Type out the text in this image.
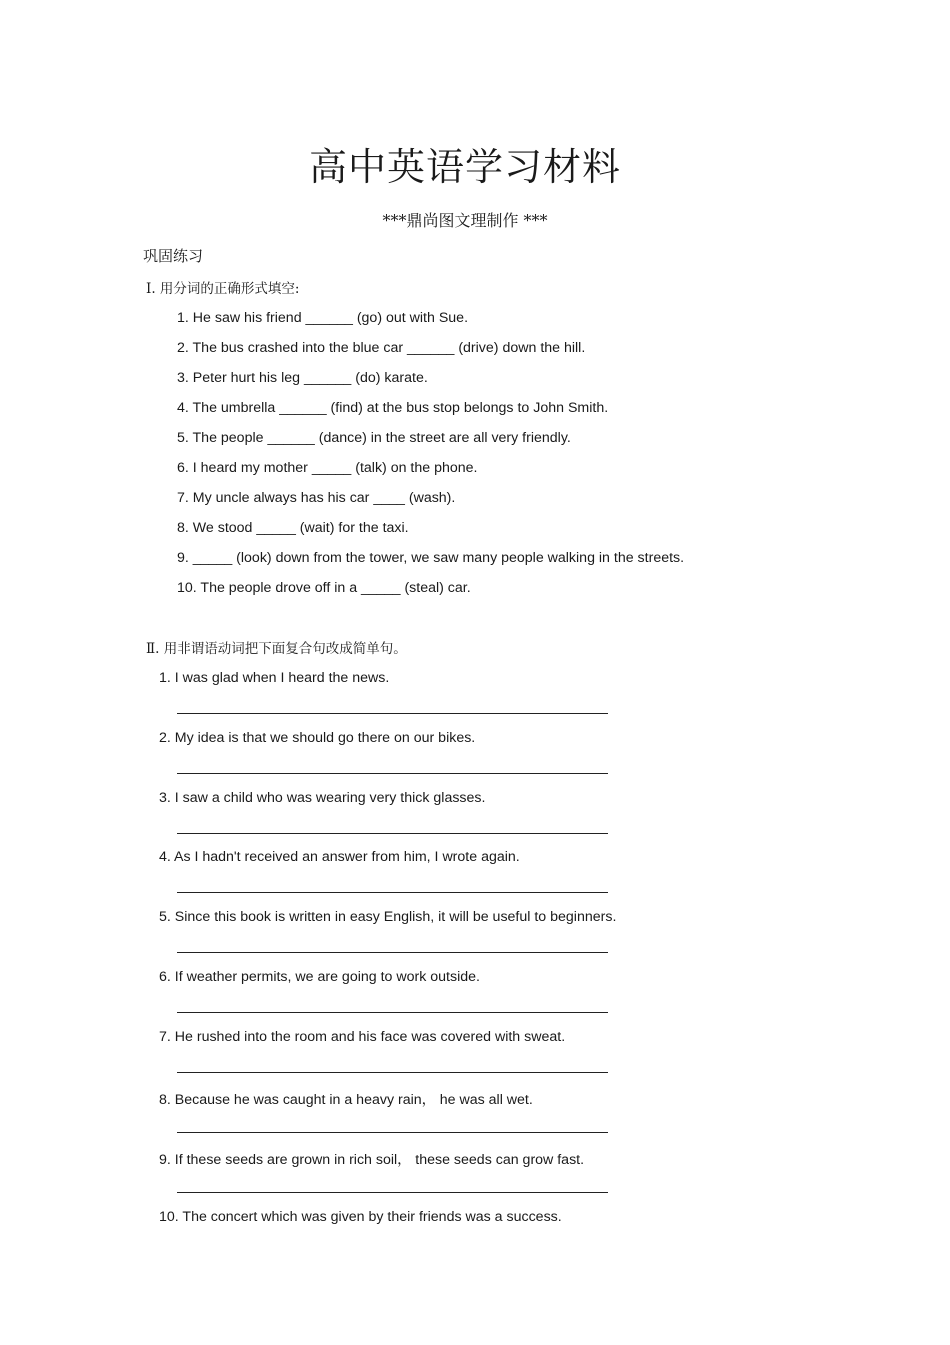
高中英语学习材料
***鼎尚图文理制作 ***
巩固练习
Ⅰ. 用分词的正确形式填空:
1. He saw his friend ______ (go) out with Sue.
2. The bus crashed into the blue car ______ (drive) down the hill.
3. Peter hurt his leg ______ (do) karate.
4. The umbrella ______ (find) at the bus stop belongs to John Smith.
5. The people ______ (dance) in the street are all very friendly.
6. I heard my mother _____ (talk) on the phone.
7. My uncle always has his car ____ (wash).
8. We stood _____ (wait) for the taxi.
9. _____ (look) down from the tower, we saw many people walking in the streets.
10. The people drove off in a _____ (steal) car.
Ⅱ. 用非谓语动词把下面复合句改成简单句。
1. I was glad when I heard the news.
2. My idea is that we should go there on our bikes.
3. I saw a child who was wearing very thick glasses.
4. As I hadn't received an answer from him, I wrote again.
5. Since this book is written in easy English, it will be useful to beginners.
6. If weather permits, we are going to work outside.
7. He rushed into the room and his face was covered with sweat.
8. Because he was caught in a heavy rain， he was all wet.
9. If these seeds are grown in rich soil， these seeds can grow fast.
10. The concert which was given by their friends was a success.
